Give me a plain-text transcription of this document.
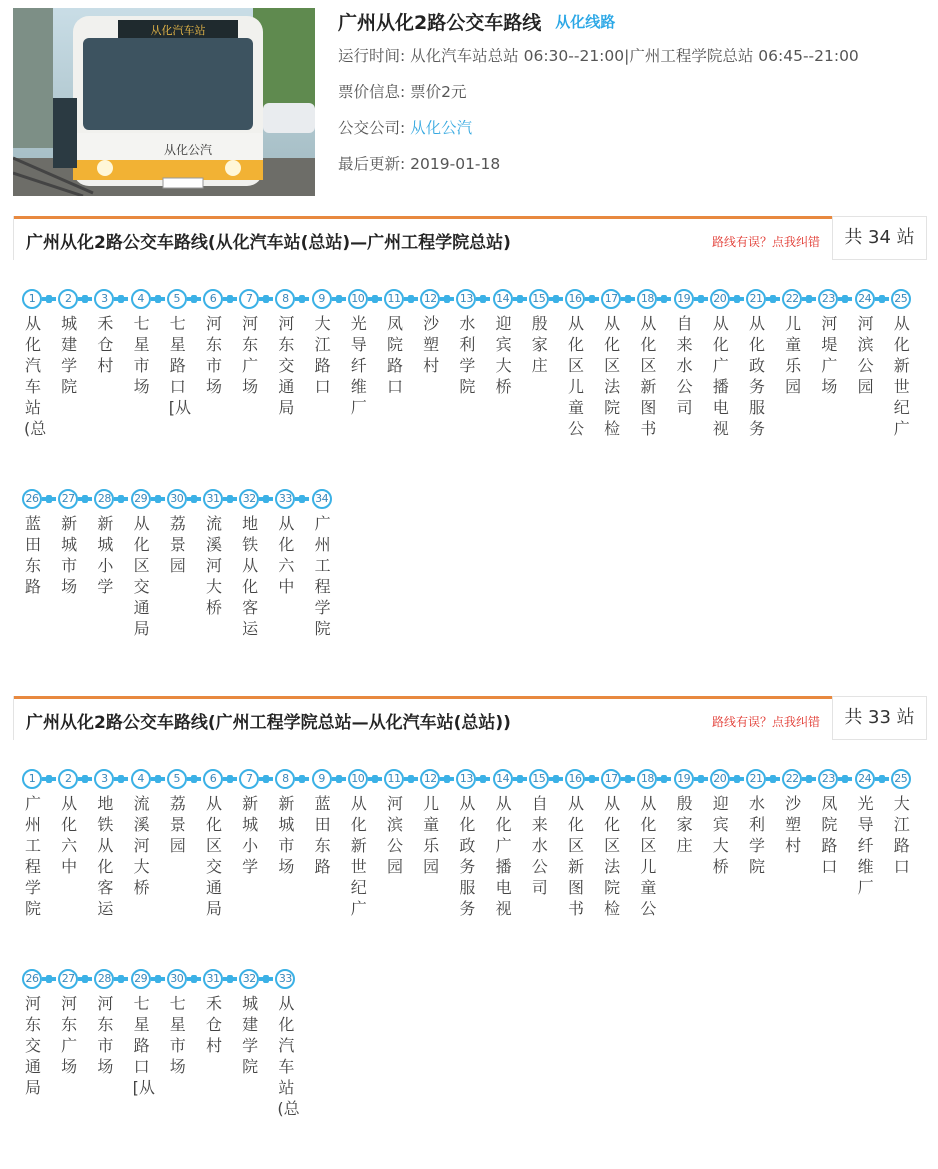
从化汽车站
从化公汽
广州从化2路公交车路线 从化线路
运行时间: 从化汽车站总站 06:30--21:00|广州工程学院总站 06:45--21:00
票价信息: 票价2元
公交公司: 从化公汽
最后更新: 2019-01-18
广州从化2路公交车路线(从化汽车站(总站)—广州工程学院总站)	路线有误？点我纠错	共 34 站
1
从化汽车站(总
2
城建学院
3
禾仓村
4
七星市场
5
七星路口[从
6
河东市场
7
河东广场
8
河东交通局
9
大江路口
10
光导纤维厂
11
凤院路口
12
沙塑村
13
水利学院
14
迎宾大桥
15
殷家庄
16
从化区儿童公
17
从化区法院检
18
从化区新图书
19
自来水公司
20
从化广播电视
21
从化政务服务
22
儿童乐园
23
河堤广场
24
河滨公园
25
从化新世纪广
26
蓝田东路
27
新城市场
28
新城小学
29
从化区交通局
30
荔景园
31
流溪河大桥
32
地铁从化客运
33
从化六中
34
广州工程学院
广州从化2路公交车路线(广州工程学院总站—从化汽车站(总站))	路线有误？点我纠错	共 33 站
1
广州工程学院
2
从化六中
3
地铁从化客运
4
流溪河大桥
5
荔景园
6
从化区交通局
7
新城小学
8
新城市场
9
蓝田东路
10
从化新世纪广
11
河滨公园
12
儿童乐园
13
从化政务服务
14
从化广播电视
15
自来水公司
16
从化区新图书
17
从化区法院检
18
从化区儿童公
19
殷家庄
20
迎宾大桥
21
水利学院
22
沙塑村
23
凤院路口
24
光导纤维厂
25
大江路口
26
河东交通局
27
河东广场
28
河东市场
29
七星路口[从
30
七星市场
31
禾仓村
32
城建学院
33
从化汽车站(总
